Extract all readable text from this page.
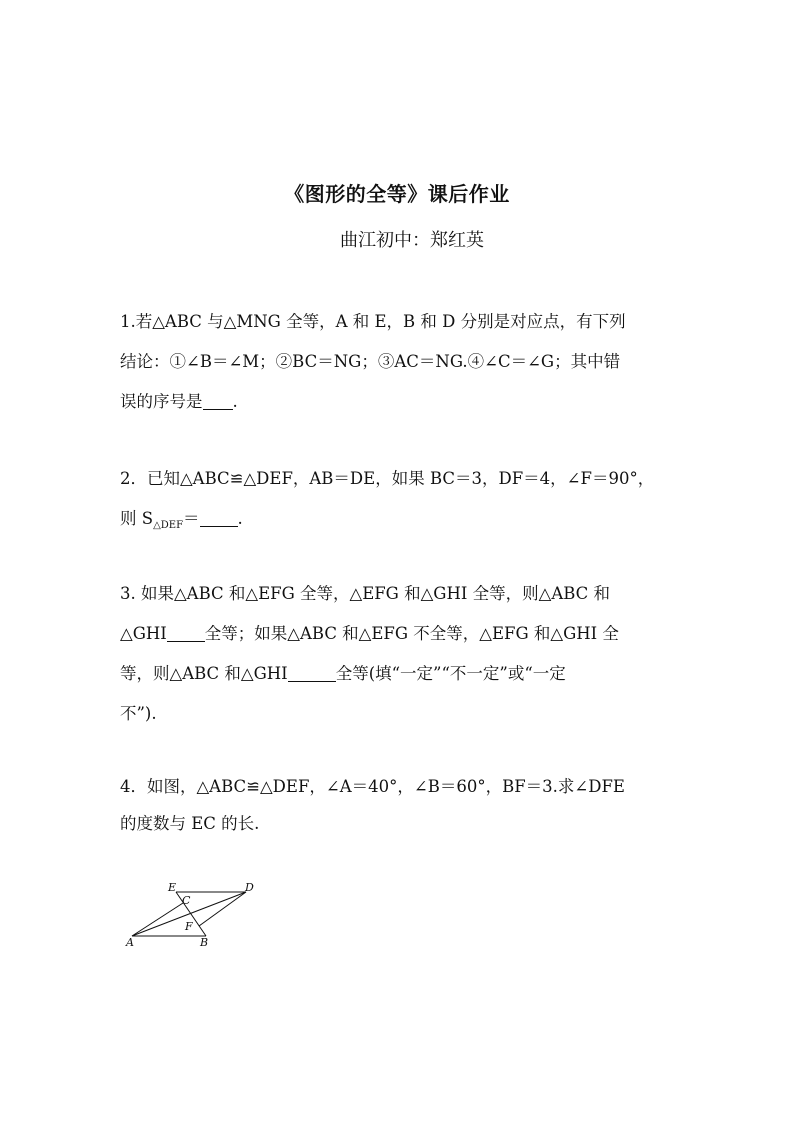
《图形的全等》课后作业
曲江初中：郑红英
1.若△ABC 与△MNG 全等，A 和 E，B 和 D 分别是对应点，有下列
结论：①∠B＝∠M；②BC＝NG；③AC＝NG.④∠C＝∠G；其中错
误的序号是 .
2．已知△ABC≌△DEF，AB＝DE，如果 BC＝3，DF＝4，∠F＝90°，
则 $S_{\triangle DEF}=$ .
3. 如果△ABC 和△EFG 全等，△EFG 和△GHI 全等，则△ABC 和
△GHI 全等；如果△ABC 和△EFG 不全等，△EFG 和△GHI 全
等，则△ABC 和△GHI	全等(填“一定”“不一定”或“一定
不”).
4．如图，△ABC≌△DEF，∠A＝40°，∠B＝60°，BF＝3.求∠DFE
的度数与 EC 的长.
E	D
C
F
A	B
